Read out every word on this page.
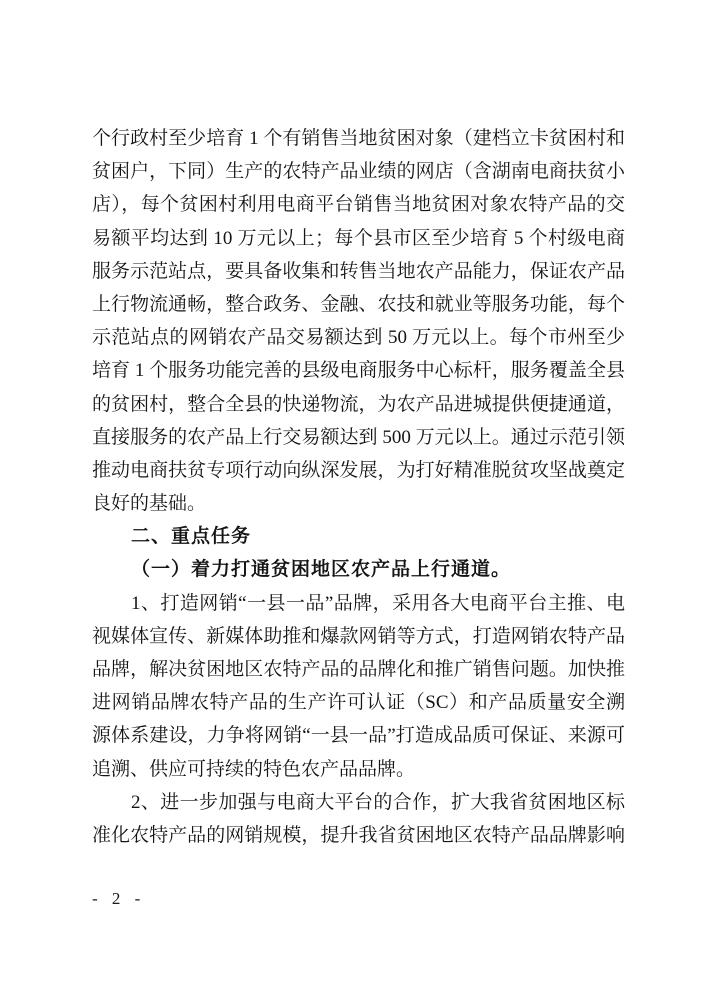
个行政村至少培育 1 个有销售当地贫困对象（建档立卡贫困村和
贫困户，下同）生产的农特产品业绩的网店（含湖南电商扶贫小
店），每个贫困村利用电商平台销售当地贫困对象农特产品的交
易额平均达到 10 万元以上；每个县市区至少培育 5 个村级电商
服务示范站点，要具备收集和转售当地农产品能力，保证农产品
上行物流通畅，整合政务、金融、农技和就业等服务功能，每个
示范站点的网销农产品交易额达到 50 万元以上。每个市州至少
培育 1 个服务功能完善的县级电商服务中心标杆，服务覆盖全县
的贫困村，整合全县的快递物流，为农产品进城提供便捷通道，
直接服务的农产品上行交易额达到 500 万元以上。通过示范引领
推动电商扶贫专项行动向纵深发展，为打好精准脱贫攻坚战奠定
良好的基础。
二、重点任务
（一）着力打通贫困地区农产品上行通道。
1、打造网销“一县一品”品牌，采用各大电商平台主推、电
视媒体宣传、新媒体助推和爆款网销等方式，打造网销农特产品
品牌，解决贫困地区农特产品的品牌化和推广销售问题。加快推
进网销品牌农特产品的生产许可认证（SC）和产品质量安全溯
源体系建设，力争将网销“一县一品”打造成品质可保证、来源可
追溯、供应可持续的特色农产品品牌。
2、进一步加强与电商大平台的合作，扩大我省贫困地区标
准化农特产品的网销规模，提升我省贫困地区农特产品品牌影响
- 2 -
